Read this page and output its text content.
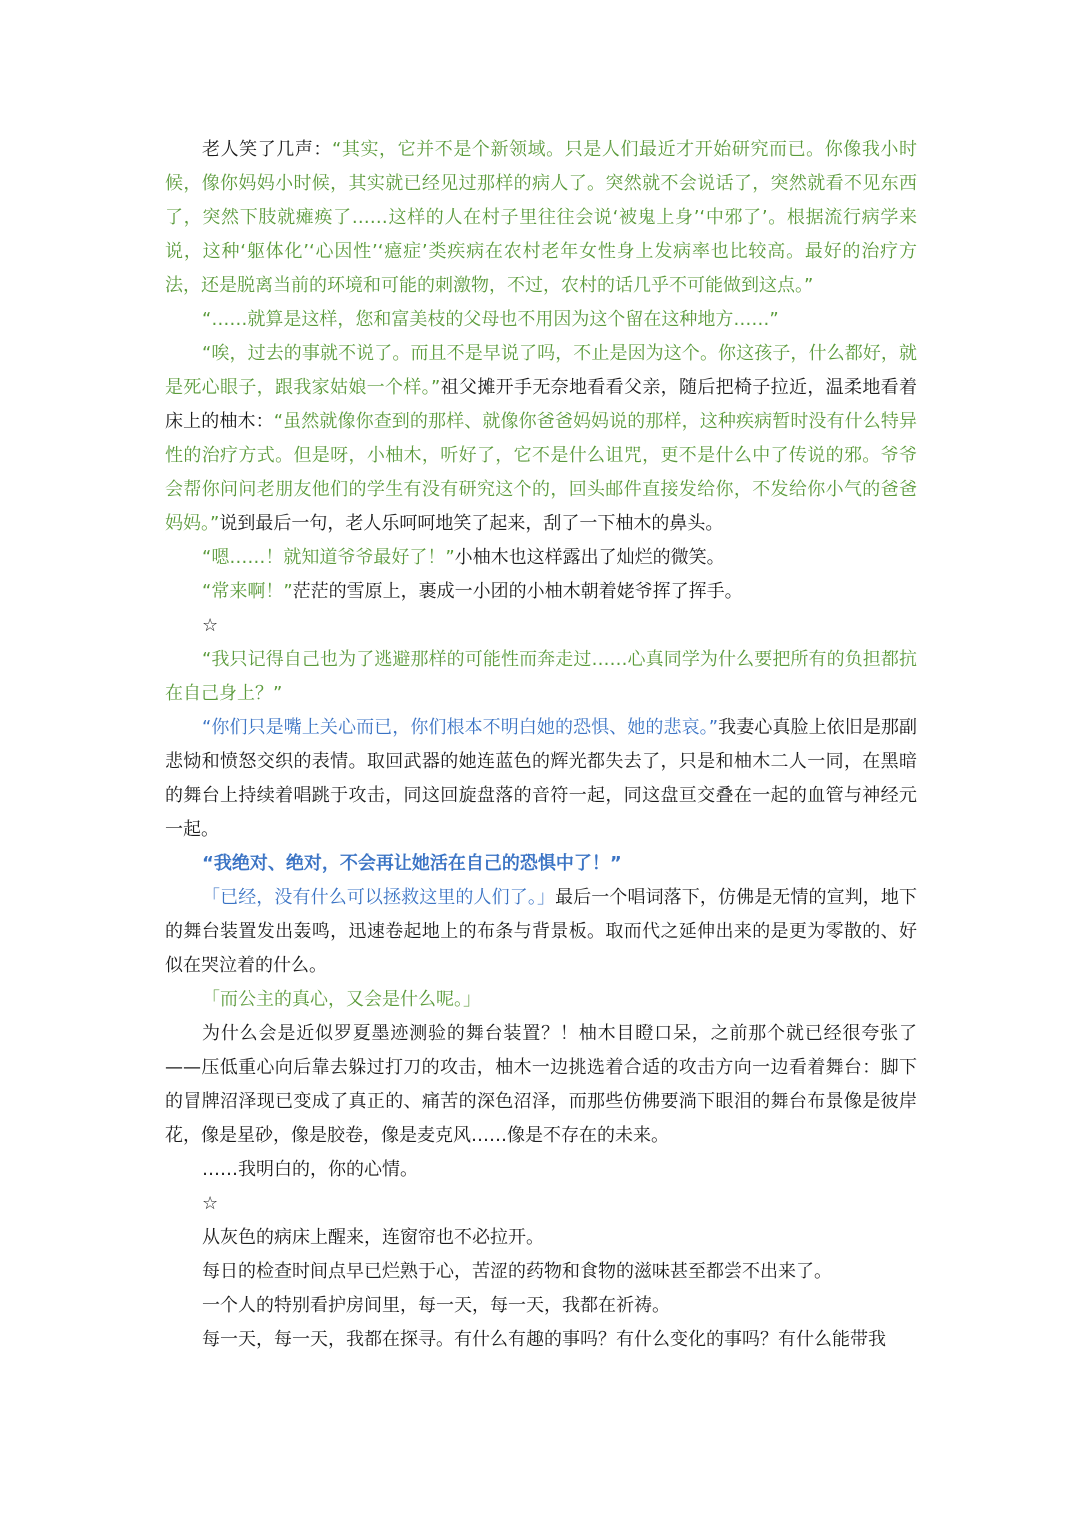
老人笑了几声：“其实，它并不是个新领域。只是人们最近才开始研究而已。你像我小时候，像你妈妈小时候，其实就已经见过那样的病人了。突然就不会说话了，突然就看不见东西了，突然下肢就瘫痪了……这样的人在村子里往往会说‘被鬼上身’‘中邪了’。根据流行病学来说，这种‘躯体化’‘心因性’‘癔症’类疾病在农村老年女性身上发病率也比较高。最好的治疗方法，还是脱离当前的环境和可能的刺激物，不过，农村的话几乎不可能做到这点。”

“……就算是这样，您和富美枝的父母也不用因为这个留在这种地方……”

“唉，过去的事就不说了。而且不是早说了吗，不止是因为这个。你这孩子，什么都好，就是死心眼子，跟我家姑娘一个样。”祖父摊开手无奈地看看父亲，随后把椅子拉近，温柔地看着床上的柚木：“虽然就像你查到的那样、就像你爸爸妈妈说的那样，这种疾病暂时没有什么特异性的治疗方式。但是呀，小柚木，听好了，它不是什么诅咒，更不是什么中了传说的邪。爷爷会帮你问问老朋友他们的学生有没有研究这个的，回头邮件直接发给你，不发给你小气的爸爸妈妈。”说到最后一句，老人乐呵呵地笑了起来，刮了一下柚木的鼻头。

“嗯……！就知道爷爷最好了！”小柚木也这样露出了灿烂的微笑。

“常来啊！”茫茫的雪原上，裹成一小团的小柚木朝着姥爷挥了挥手。

☆

“我只记得自己也为了逃避那样的可能性而奔走过……心真同学为什么要把所有的负担都抗在自己身上？”

“你们只是嘴上关心而已，你们根本不明白她的恐惧、她的悲哀。”我妻心真脸上依旧是那副悲恸和愤怒交织的表情。取回武器的她连蓝色的辉光都失去了，只是和柚木二人一同，在黑暗的舞台上持续着唱跳于攻击，同这回旋盘落的音符一起，同这盘亘交叠在一起的血管与神经元一起。

“我绝对、绝对，不会再让她活在自己的恐惧中了！”

「已经，没有什么可以拯救这里的人们了。」最后一个唱词落下，仿佛是无情的宣判，地下的舞台装置发出轰鸣，迅速卷起地上的布条与背景板。取而代之延伸出来的是更为零散的、好似在哭泣着的什么。

「而公主的真心，又会是什么呢。」

为什么会是近似罗夏墨迹测验的舞台装置？！柚木目瞪口呆，之前那个就已经很夸张了——压低重心向后靠去躲过打刀的攻击，柚木一边挑选着合适的攻击方向一边看着舞台：脚下的冒牌沼泽现已变成了真正的、痛苦的深色沼泽，而那些仿佛要淌下眼泪的舞台布景像是彼岸花，像是星砂，像是胶卷，像是麦克风……像是不存在的未来。

……我明白的，你的心情。

☆

从灰色的病床上醒来，连窗帘也不必拉开。

每日的检查时间点早已烂熟于心，苦涩的药物和食物的滋味甚至都尝不出来了。

一个人的特别看护房间里，每一天，每一天，我都在祈祷。

每一天，每一天，我都在探寻。有什么有趣的事吗？有什么变化的事吗？有什么能带我
